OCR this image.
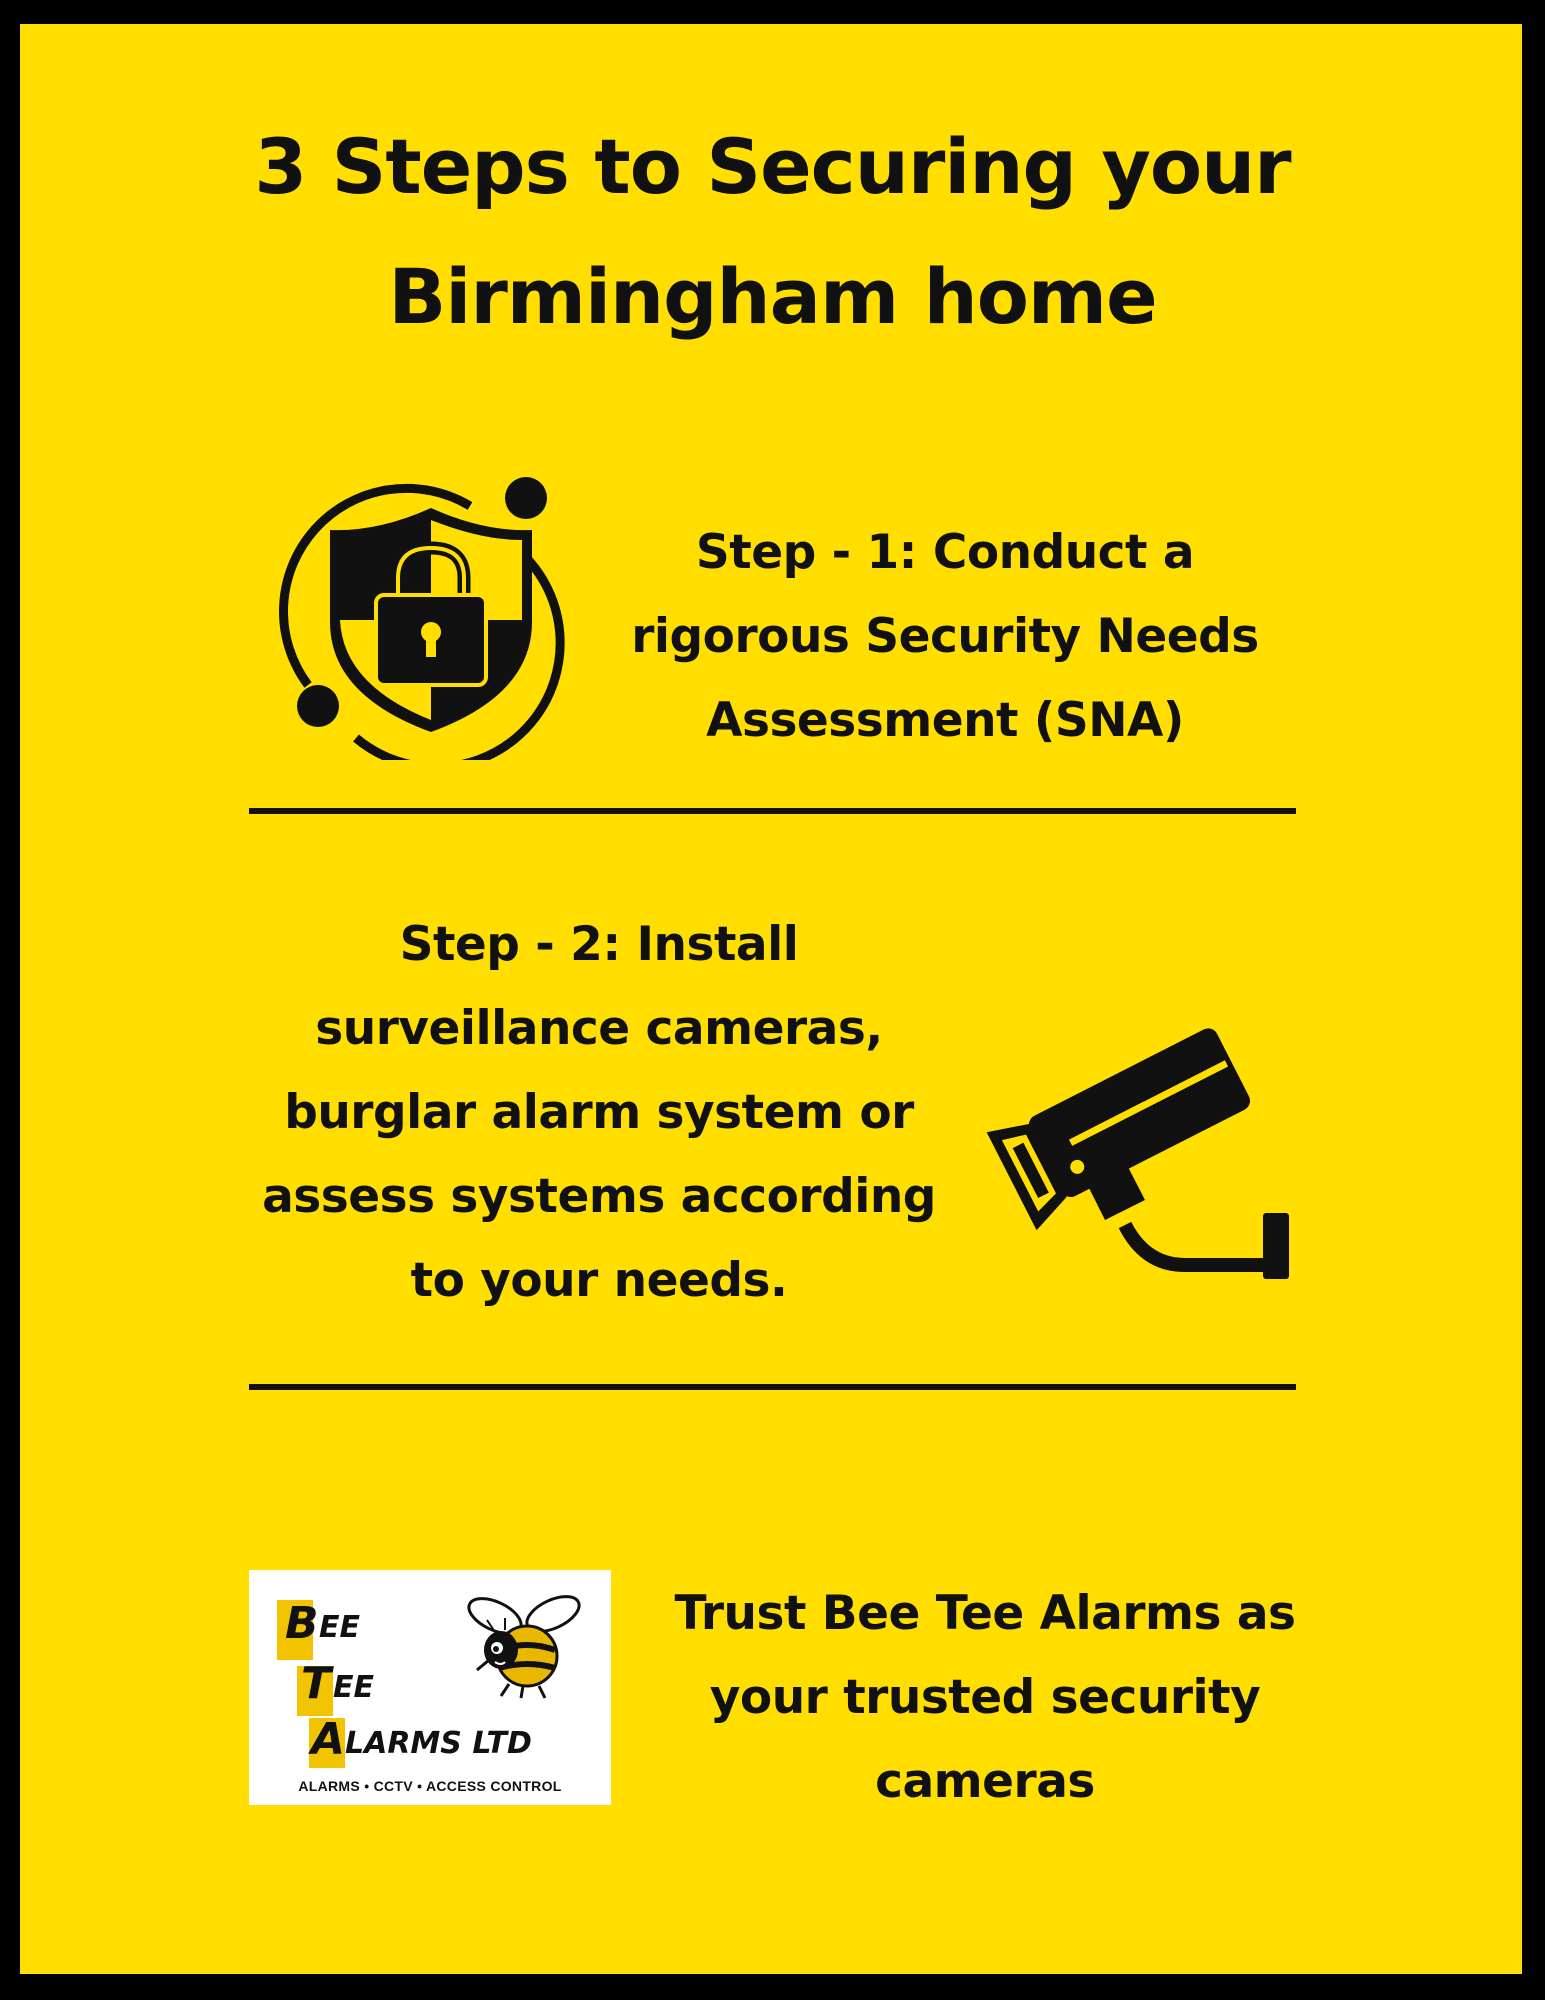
3 Steps to Securing your
Birmingham home
Step - 1: Conduct a
rigorous Security Needs
Assessment (SNA)
Step - 2: Install
surveillance cameras,
burglar alarm system or
assess systems according
to your needs.
B EE
T EE
A LARMS LTD
ALARMS • CCTV • ACCESS CONTROL
Trust Bee Tee Alarms as
your trusted security
cameras
